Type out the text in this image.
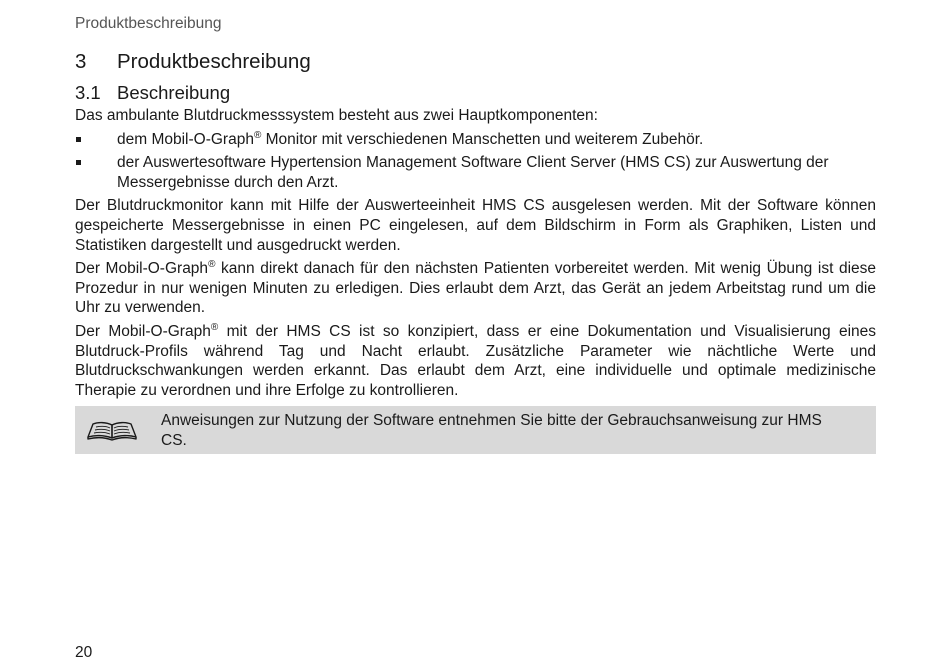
Produktbeschreibung
3	Produktbeschreibung
3.1 Beschreibung

Das ambulante Blutdruckmesssystem besteht aus zwei Hauptkomponenten:

dem Mobil-O-Graph® Monitor mit verschiedenen Manschetten und weiterem Zubehör.
der Auswertesoftware Hypertension Management Software Client Server (HMS CS) zur Auswertung der Messergebnisse durch den Arzt.

Der Blutdruckmonitor kann mit Hilfe der Auswerteeinheit HMS CS ausgelesen werden. Mit der Software können gespeicherte Messergebnisse in einen PC eingelesen, auf dem Bildschirm in Form als Graphiken, Listen und Statistiken dargestellt und ausgedruckt werden.

Der Mobil-O-Graph® kann direkt danach für den nächsten Patienten vorbereitet werden. Mit wenig Übung ist diese Prozedur in nur wenigen Minuten zu erledigen. Dies erlaubt dem Arzt, das Gerät an jedem Arbeitstag rund um die Uhr zu verwenden.

Der Mobil-O-Graph® mit der HMS CS ist so konzipiert, dass er eine Dokumentation und Visualisierung eines Blutdruck-Profils während Tag und Nacht erlaubt. Zusätzliche Parameter wie nächtliche Werte und Blutdruckschwankungen werden erkannt. Das erlaubt dem Arzt, eine individuelle und optimale medizinische Therapie zu verordnen und ihre Erfolge zu kontrollieren.

Anweisungen zur Nutzung der Software entnehmen Sie bitte der Gebrauchsanweisung zur HMS CS.
20
